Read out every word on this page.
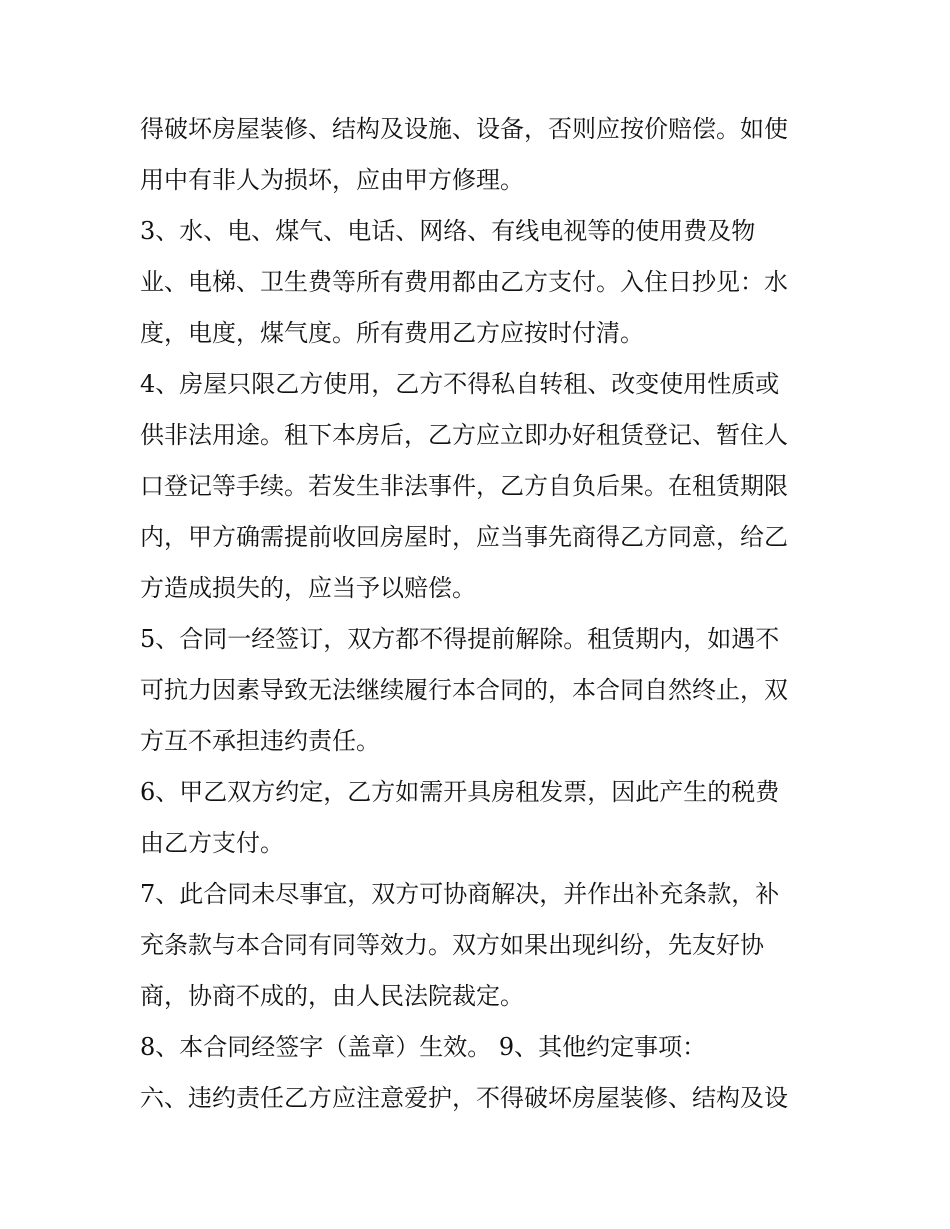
得破坏房屋装修、结构及设施、设备，否则应按价赔偿。如使
用中有非人为损坏，应由甲方修理。
3、水、电、煤气、电话、网络、有线电视等的使用费及物
业、电梯、卫生费等所有费用都由乙方支付。入住日抄见：水
度，电度，煤气度。所有费用乙方应按时付清。
4、房屋只限乙方使用，乙方不得私自转租、改变使用性质或
供非法用途。租下本房后，乙方应立即办好租赁登记、暂住人
口登记等手续。若发生非法事件，乙方自负后果。在租赁期限
内，甲方确需提前收回房屋时，应当事先商得乙方同意，给乙
方造成损失的，应当予以赔偿。
5、合同一经签订，双方都不得提前解除。租赁期内，如遇不
可抗力因素导致无法继续履行本合同的，本合同自然终止，双
方互不承担违约责任。
6、甲乙双方约定，乙方如需开具房租发票，因此产生的税费
由乙方支付。
7、此合同未尽事宜，双方可协商解决，并作出补充条款，补
充条款与本合同有同等效力。双方如果出现纠纷，先友好协
商，协商不成的，由人民法院裁定。
8、本合同经签字（盖章）生效。 9、其他约定事项：
六、违约责任乙方应注意爱护，不得破坏房屋装修、结构及设
